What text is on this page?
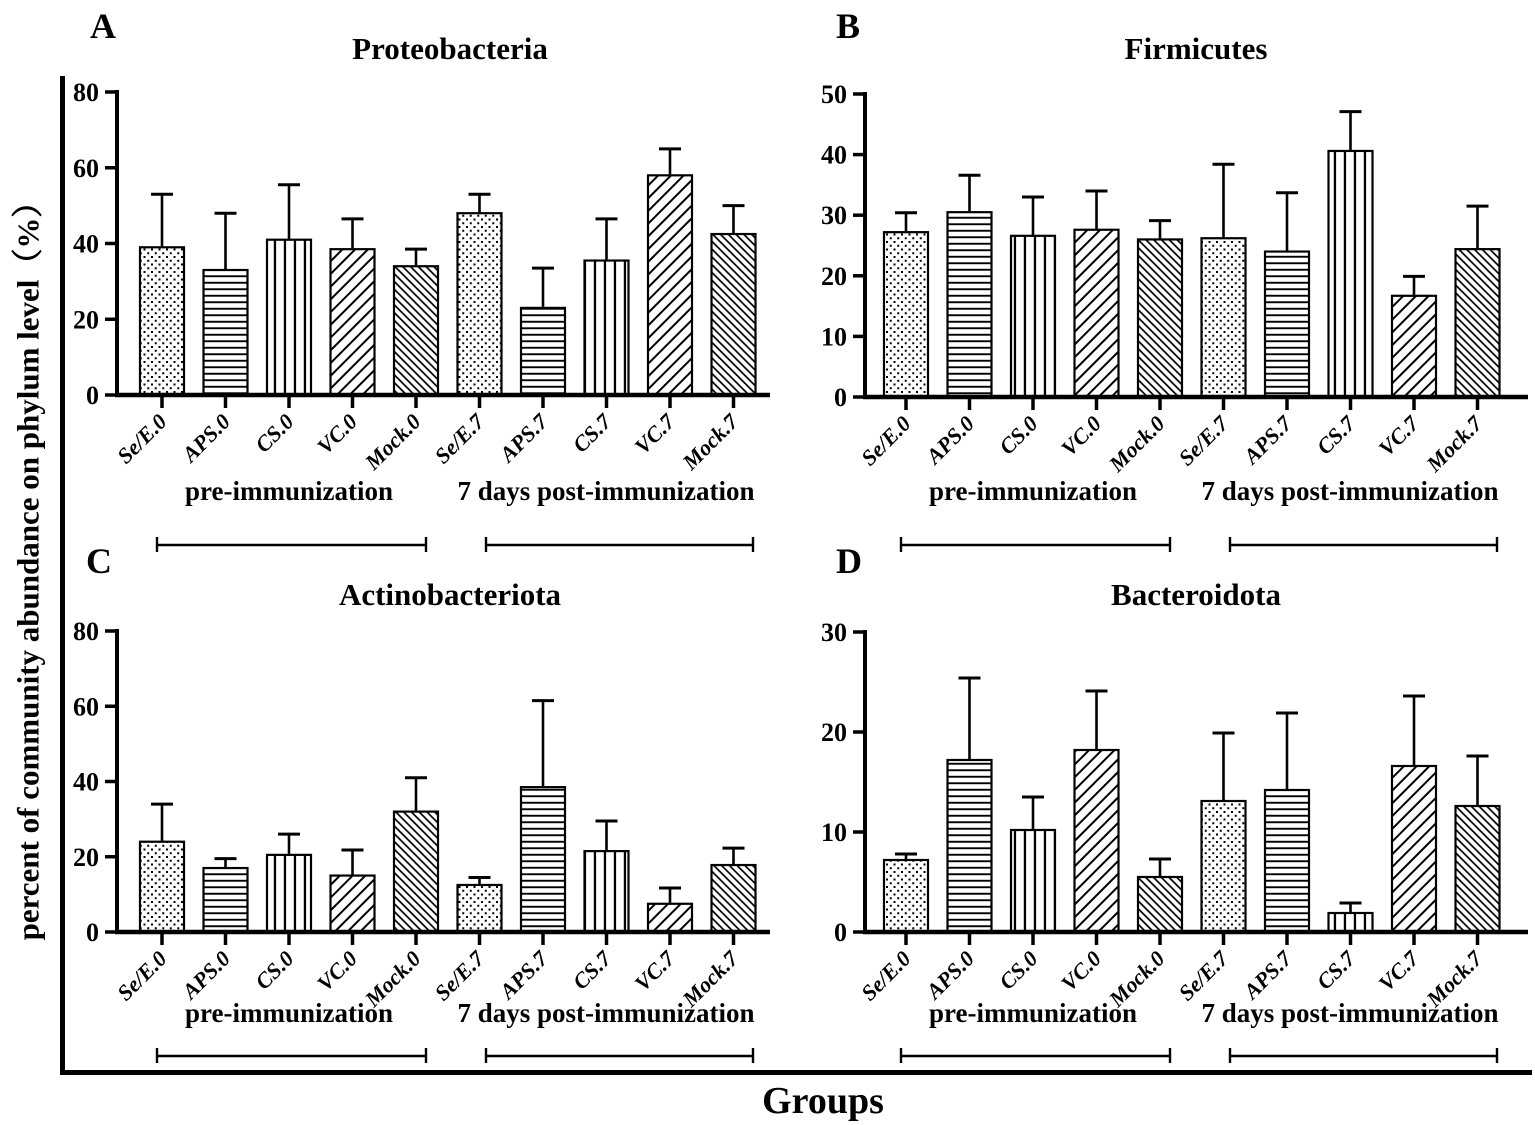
0
20
40
60
80
Se/E.0 APS.0 CS.0 VC.0
Mock.0 Se/E.7 APS.7 CS.7 VC.7
Mock.7
0
10
20
30
40
50
Se/E.0 APS.0 CS.0 VC.0
Mock.0 Se/E.7 APS.7 CS.7 VC.7
Mock.7
0
20
40
60
80
Se/E.0 APS.0 CS.0 VC.0
Mock.0 Se/E.7 APS.7 CS.7 VC.7
Mock.7
0
10
20
30
Se/E.0 APS.0 CS.0 VC.0
Mock.0 Se/E.7 APS.7 CS.7 VC.7
Mock.7
A	B
C	D
Proteobacteria	Firmicutes
Actinobacteriota	Bacteroidota
pre-immunization	7 days post-immunization	pre-immunization	7 days post-immunization
pre-immunization	7 days post-immunization	pre-immunization	7 days post-immunization
percent of community abundance on phylum level（%）
Groups
